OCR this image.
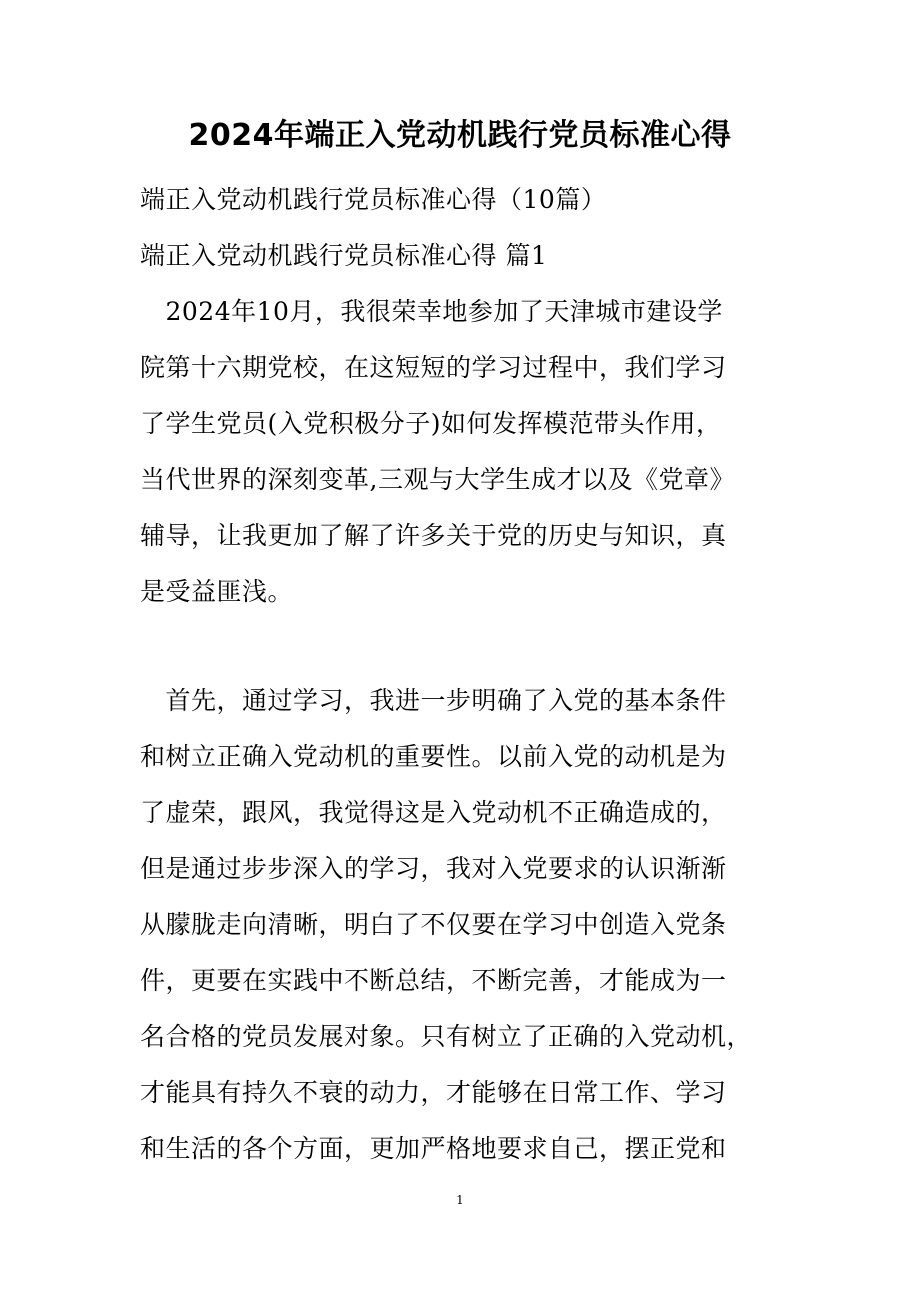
2024年端正入党动机践行党员标准心得
端正入党动机践行党员标准心得（10篇）
端正入党动机践行党员标准心得 篇1
　2024年10月，我很荣幸地参加了天津城市建设学
院第十六期党校，在这短短的学习过程中，我们学习
了学生党员(入党积极分子)如何发挥模范带头作用，
当代世界的深刻变革,三观与大学生成才以及《党章》
辅导，让我更加了解了许多关于党的历史与知识，真
是受益匪浅。
　首先，通过学习，我进一步明确了入党的基本条件
和树立正确入党动机的重要性。以前入党的动机是为
了虚荣，跟风，我觉得这是入党动机不正确造成的，
但是通过步步深入的学习，我对入党要求的认识渐渐
从朦胧走向清晰，明白了不仅要在学习中创造入党条
件，更要在实践中不断总结，不断完善，才能成为一
名合格的党员发展对象。只有树立了正确的入党动机，
才能具有持久不衰的动力，才能够在日常工作、学习
和生活的各个方面，更加严格地要求自己，摆正党和
1
